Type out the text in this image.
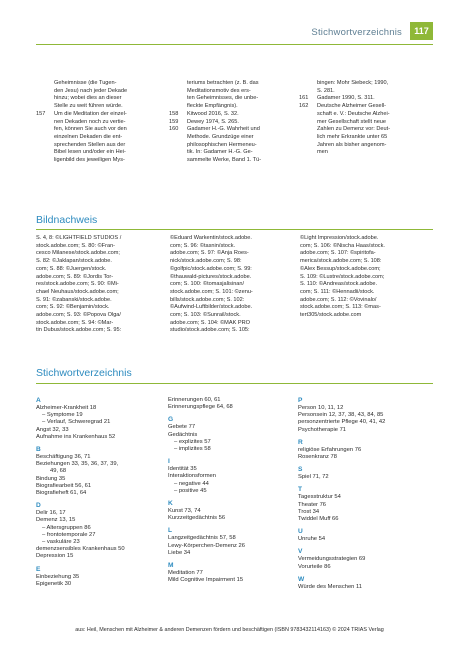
Stichwortverzeichnis	117
Geheimnisse (die Tugen-
den Jesu) nach jeder Dekade
hinzu; wobei dies an dieser
Stelle zu weit führen würde.
157 Um die Meditation der einzel-
nen Dekaden noch zu vertie-
fen, können Sie auch vor den
einzelnen Dekaden die ent-
sprechenden Stellen aus der
Bibel lesen und/oder ein Hei-
ligenbild des jeweiligen Mys-
teriums betrachten (z. B. das
Meditationsmotiv des ers-
ten Geheimnisses, die unbe-
fleckte Empfängnis).
158 Kitwood 2016, S. 32.
159 Dewey 1974, S. 265.
160 Gadamer H.-G. Wahrheit und
Methode. Grundzüge einer
philosophischen Hermeneu-
tik. In: Gadamer H.-G. Ge-
sammelte Werke, Band 1. Tü-
bingen: Mohr Siebeck; 1990,
S. 281.
161 Gadamer 1990, S. 311.
162 Deutsche Alzheimer Gesell-
schaft e. V.: Deutsche Alzhei-
mer Gesellschaft stellt neue
Zahlen zu Demenz vor: Deut-
lich mehr Erkrankte unter 65
Jahren als bisher angenom-
men
Bildnachweis
S. 4, 8: ©LIGHTFIELD STUDIOS /
stock.adobe.com; S. 80: ©Fran-
cesco Milanese/stock.adobe.com;
S. 82: ©Jaklapan/stock.adobe.
com; S. 88: ©Juergen/stock.
adobe.com; S. 89: ©Jordis Tor-
res/stock.adobe.com; S. 90: ©Mi-
chael Neuhaus/stock.adobe.com;
S. 91: ©zabanski/stock.adobe.
com; S. 92: ©Benjamin/stock.
adobe.com; S. 93: ©Popova Olga/
stock.adobe.com; S. 94: ©Mar-
tin Dubus/stock.adobe.com; S. 95:
©Eduard Warkentin/stock.adobe.
com; S. 96: ©tasnin/stock.
adobe.com; S. 97: ©Anja Roes-
nick/stock.adobe.com; S. 98:
©golfpic/stock.adobe.com; S. 99:
©thauwald-pictures/stock.adobe.
com; S. 100: ©tomasjalisinan/
stock.adobe.com; S. 101: ©zenu-
bills/stock.adobe.com; S. 102:
©Aufwind-Luftbilder/stock.adobe.
com; S. 103: ©Sunrail/stock.
adobe.com; S. 104: ©MAK PRO
studio/stock.adobe.com; S. 105:
©Light Impression/stock.adobe.
com; S. 106: ©Nischa Haas/stock.
adobe.com; S. 107: ©spiritofa-
merica/stock.adobe.com; S. 108:
©Alex Bessup/stock.adobe.com;
S. 109: ©Lustre/stock.adobe.com;
S. 110: ©Andreas/stock.adobe.
com; S. 111: ©Hennadii/stock.
adobe.com; S. 112: ©Vovinalo/
stock.adobe.com; S. 113: ©mas-
tert305/stock.adobe.com
Stichwortverzeichnis
A
Alzheimer-Krankheit 18
– Symptome 19
– Verlauf, Schweregrad 21
Angst 32, 33
Aufnahme ins Krankenhaus 52
B
Beschäftigung 36, 71
Beziehungen 33, 35, 36, 37, 39,
49, 68
Bindung 35
Biografiearbeit 56, 61
Biografieheft 61, 64
D
Delir 16, 17
Demenz 13, 15
– Altersgruppen 86
– frontotemporale 27
– vaskuläre 23
demenzsensibles Krankenhaus 50
Depression 15
E
Einbeziehung 35
Epigenetik 30
Erinnerungen 60, 61
Erinnerungspflege 64, 68
G
Gebete 77
Gedächtnis
– explizites 57
– implizites 58
I
Identität 35
Interaktionsformen
– negative 44
– positive 45
K
Kunst 73, 74
Kurzzeitgedächtnis 56
L
Langzeitgedächtnis 57, 58
Lewy-Körperchen-Demenz 26
Liebe 34
M
Meditation 77
Mild Cognitive Impairment 15
P
Person 10, 11, 12
Personsein 12, 37, 38, 43, 84, 85
personzentrierte Pflege 40, 41, 42
Psychotherapie 71
R
religiöse Erfahrungen 76
Rosenkranz 78
S
Spiel 71, 72
T
Tagesstruktur 54
Theater 76
Trost 34
Twiddel Muff 66
U
Unruhe 54
V
Vermeidungsstrategien 69
Vorurteile 86
W
Würde des Menschen 11
aus: Heil, Menschen mit Alzheimer & anderen Demenzen fördern und beschäftigen (ISBN 9783432114163) © 2024 TRIAS Verlag
